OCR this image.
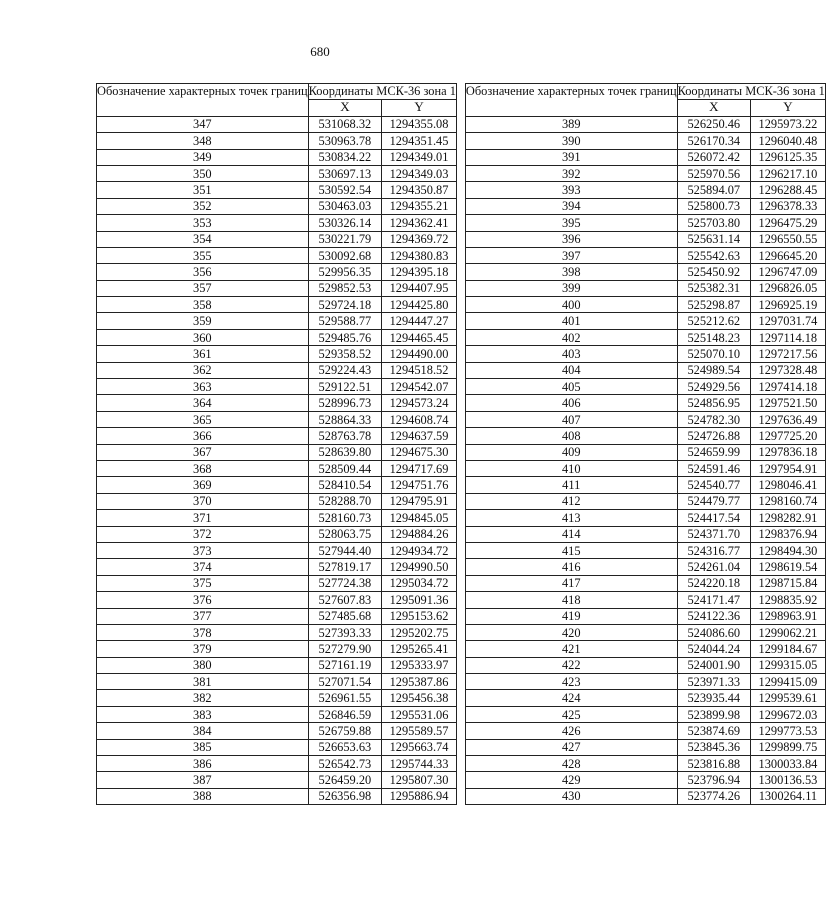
680
Обозначение характерных точек границ	Координаты МСК-36 зона 1	
	X	Y
347	531068.32	1294355.08
348	530963.78	1294351.45
349	530834.22	1294349.01
350	530697.13	1294349.03
351	530592.54	1294350.87
352	530463.03	1294355.21
353	530326.14	1294362.41
354	530221.79	1294369.72
355	530092.68	1294380.83
356	529956.35	1294395.18
357	529852.53	1294407.95
358	529724.18	1294425.80
359	529588.77	1294447.27
360	529485.76	1294465.45
361	529358.52	1294490.00
362	529224.43	1294518.52
363	529122.51	1294542.07
364	528996.73	1294573.24
365	528864.33	1294608.74
366	528763.78	1294637.59
367	528639.80	1294675.30
368	528509.44	1294717.69
369	528410.54	1294751.76
370	528288.70	1294795.91
371	528160.73	1294845.05
372	528063.75	1294884.26
373	527944.40	1294934.72
374	527819.17	1294990.50
375	527724.38	1295034.72
376	527607.83	1295091.36
377	527485.68	1295153.62
378	527393.33	1295202.75
379	527279.90	1295265.41
380	527161.19	1295333.97
381	527071.54	1295387.86
382	526961.55	1295456.38
383	526846.59	1295531.06
384	526759.88	1295589.57
385	526653.63	1295663.74
386	526542.73	1295744.33
387	526459.20	1295807.30
388	526356.98	1295886.94
Обозначение характерных точек границ	Координаты МСК-36 зона 1	
	X	Y
389	526250.46	1295973.22
390	526170.34	1296040.48
391	526072.42	1296125.35
392	525970.56	1296217.10
393	525894.07	1296288.45
394	525800.73	1296378.33
395	525703.80	1296475.29
396	525631.14	1296550.55
397	525542.63	1296645.20
398	525450.92	1296747.09
399	525382.31	1296826.05
400	525298.87	1296925.19
401	525212.62	1297031.74
402	525148.23	1297114.18
403	525070.10	1297217.56
404	524989.54	1297328.48
405	524929.56	1297414.18
406	524856.95	1297521.50
407	524782.30	1297636.49
408	524726.88	1297725.20
409	524659.99	1297836.18
410	524591.46	1297954.91
411	524540.77	1298046.41
412	524479.77	1298160.74
413	524417.54	1298282.91
414	524371.70	1298376.94
415	524316.77	1298494.30
416	524261.04	1298619.54
417	524220.18	1298715.84
418	524171.47	1298835.92
419	524122.36	1298963.91
420	524086.60	1299062.21
421	524044.24	1299184.67
422	524001.90	1299315.05
423	523971.33	1299415.09
424	523935.44	1299539.61
425	523899.98	1299672.03
426	523874.69	1299773.53
427	523845.36	1299899.75
428	523816.88	1300033.84
429	523796.94	1300136.53
430	523774.26	1300264.11
